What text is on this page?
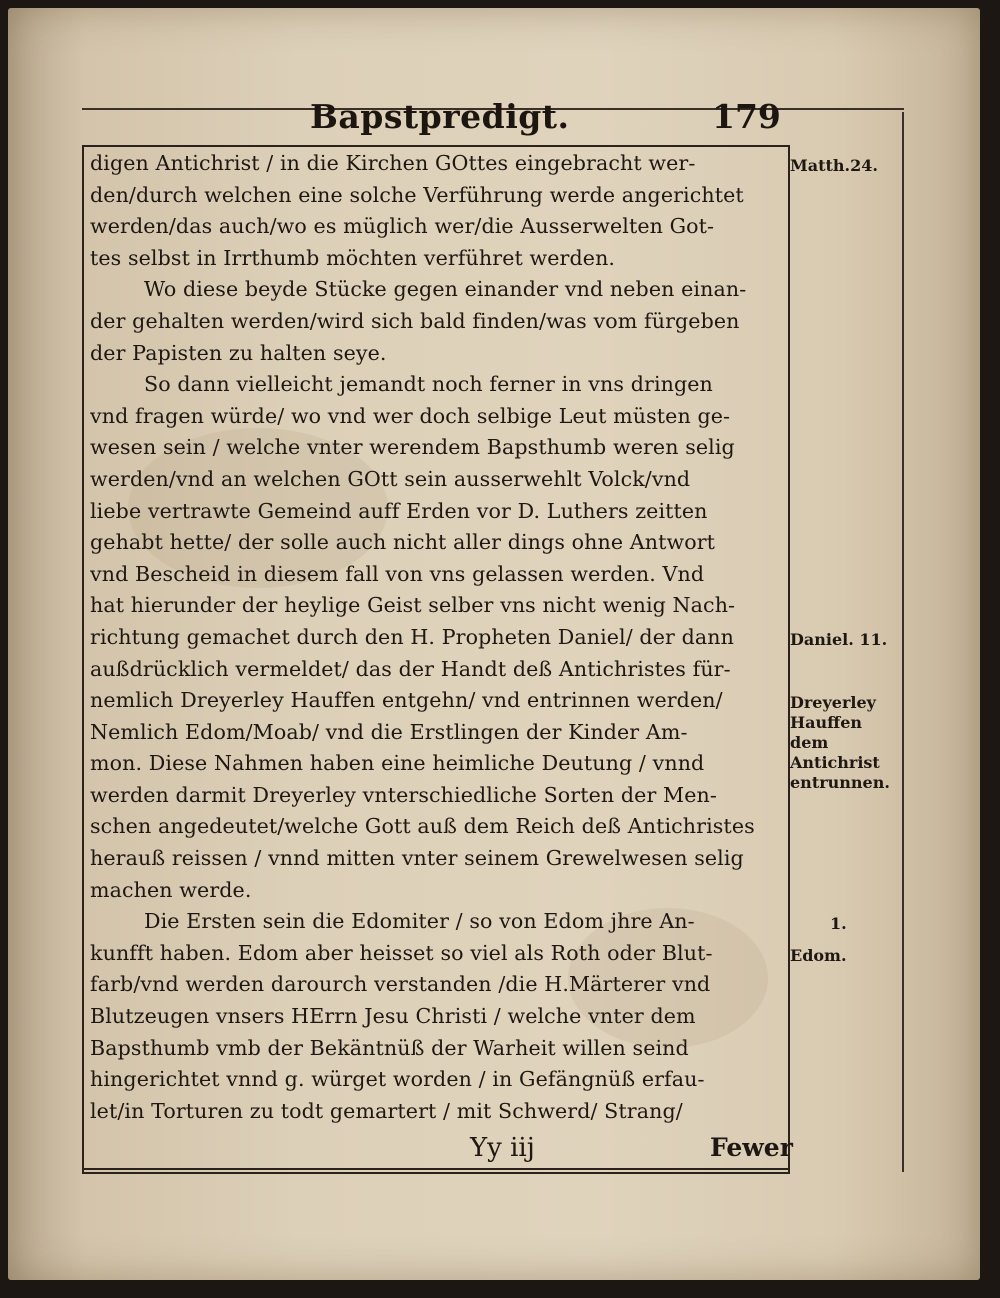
Bapstpredigt.	179
digen Antichrist / in die Kirchen GOttes eingebracht wer-
den/durch welchen eine solche Verführung werde angerichtet
werden/das auch/wo es müglich wer/die Ausserwelten Got-
tes selbst in Irrthumb möchten verführet werden.
Wo diese beyde Stücke gegen einander vnd neben einan-
der gehalten werden/wird sich bald finden/was vom fürgeben
der Papisten zu halten seye.
So dann vielleicht jemandt noch ferner in vns dringen
vnd fragen würde/ wo vnd wer doch selbige Leut müsten ge-
wesen sein / welche vnter werendem Bapsthumb weren selig
werden/vnd an welchen GOtt sein ausserwehlt Volck/vnd
liebe vertrawte Gemeind auff Erden vor D. Luthers zeitten
gehabt hette/ der solle auch nicht aller dings ohne Antwort
vnd Bescheid in diesem fall von vns gelassen werden. Vnd
hat hierunder der heylige Geist selber vns nicht wenig Nach-
richtung gemachet durch den H. Propheten Daniel/ der dann
außdrücklich vermeldet/ das der Handt deß Antichristes für-
nemlich Dreyerley Hauffen entgehn/ vnd entrinnen werden/
Nemlich Edom/Moab/ vnd die Erstlingen der Kinder Am-
mon. Diese Nahmen haben eine heimliche Deutung / vnnd
werden darmit Dreyerley vnterschiedliche Sorten der Men-
schen angedeutet/welche Gott auß dem Reich deß Antichristes
herauß reissen / vnnd mitten vnter seinem Grewelwesen selig
machen werde.
Die Ersten sein die Edomiter / so von Edom jhre An-
kunfft haben. Edom aber heisset so viel als Roth oder Blut-
farb/vnd werden darourch verstanden /die H.Märterer vnd
Blutzeugen vnsers HErrn Jesu Christi / welche vnter dem
Bapsthumb vmb der Bekäntnüß der Warheit willen seind
hingerichtet vnnd g. würget worden / in Gefängnüß erfau-
let/in Torturen zu todt gemartert / mit Schwerd/ Strang/
Matth.24.
Daniel. 11.
Dreyerley Hauffen dem Antichrist entrunnen.
1.
Edom.
Yy iij	Fewer
